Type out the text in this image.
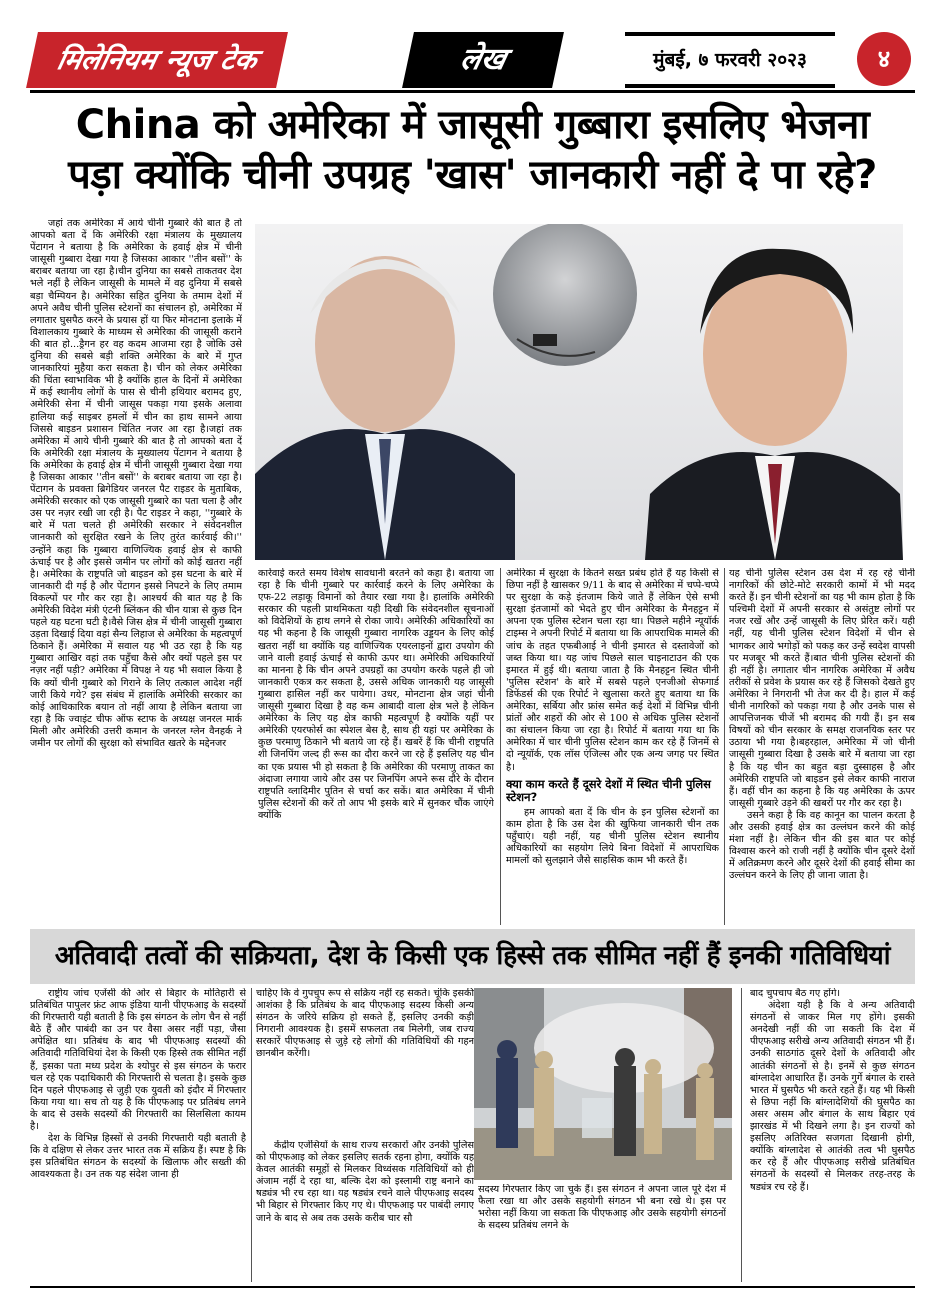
मिलेनियम न्यूज टेक	लेख	मुंबई, ७ फरवरी २०२३	४
China को अमेरिका में जासूसी गुब्बारा इसलिए भेजना
पड़ा क्योंकि चीनी उपग्रह 'खास' जानकारी नहीं दे पा रहे?

जहां तक अमेरिका में आये चीनी गुब्बारे की बात है तो आपको बता दें कि अमेरिकी रक्षा मंत्रालय के मुख्यालय पेंटागन ने बताया है कि अमेरिका के हवाई क्षेत्र में चीनी जासूसी गुब्बारा देखा गया है जिसका आकार ''तीन बसों'' के बराबर बताया जा रहा है।चीन दुनिया का सबसे ताकतवर देश भले नहीं है लेकिन जासूसी के मामले में वह दुनिया में सबसे बड़ा चैम्पियन है। अमेरिका सहित दुनिया के तमाम देशों में अपने अवैध चीनी पुलिस स्टेशनों का संचालन हो, अमेरिका में लगातार घुसपैठ करने के प्रयास हों या फिर मोनटाना इलाके में विशालकाय गुब्बारे के माध्यम से अमेरिका की जासूसी कराने की बात हो...ड्रैगन हर वह कदम आजमा रहा है जोकि उसे दुनिया की सबसे बड़ी शक्ति अमेरिका के बारे में गुप्त जानकारियां मुहैया करा सकता है। चीन को लेकर अमेरिका की चिंता स्वाभाविक भी है क्योंकि हाल के दिनों में अमेरिका में कई स्थानीय लोगों के पास से चीनी हथियार बरामद हुए, अमेरिकी सेना में चीनी जासूस पकड़ा गया इसके अलावा हालिया कई साइबर हमलों में चीन का हाथ सामने आया जिससे बाइडन प्रशासन चिंतित नजर आ रहा है।जहां तक अमेरिका में आये चीनी गुब्बारे की बात है तो आपको बता दें कि अमेरिकी रक्षा मंत्रालय के मुख्यालय पेंटागन ने बताया है कि अमेरिका के हवाई क्षेत्र में चीनी जासूसी गुब्बारा देखा गया है जिसका आकार ''तीन बसों'' के बराबर बताया जा रहा है। पेंटागन के प्रवक्ता ब्रिगेडियर जनरल पैट राइडर के मुताबिक, अमेरिकी सरकार को एक जासूसी गुब्बारे का पता चला है और उस पर नज़र रखी जा रही है। पैट राइडर ने कहा, ''गुब्बारे के बारे में पता चलते ही अमेरिकी सरकार ने संवेदनशील जानकारी को सुरक्षित रखने के लिए तुरंत कार्रवाई की।'' उन्होंने कहा कि गुब्बारा वाणिज्यिक हवाई क्षेत्र से काफी ऊंचाई पर है और इससे जमीन पर लोगों को कोई खतरा नहीं है। अमेरिका के राष्ट्रपति जो बाइडन को इस घटना के बारे में जानकारी दी गई है और पेंटागन इससे निपटने के लिए तमाम विकल्पों पर गौर कर रहा है। आश्चर्य की बात यह है कि अमेरिकी विदेश मंत्री एंटनी ब्लिंकन की चीन यात्रा से कुछ दिन पहले यह घटना घटी है।वैसे जिस क्षेत्र में चीनी जासूसी गुब्बारा उड़ता दिखाई दिया वहां सैन्य लिहाज से अमेरिका के महत्वपूर्ण ठिकाने हैं। अमेरिका में सवाल यह भी उठ रहा है कि यह गुब्बारा आखिर वहां तक पहुँचा कैसे और क्यों पहले इस पर नज़र नहीं पड़ी? अमेरिका में विपक्ष ने यह भी सवाल किया है कि क्यों चीनी गुब्बारे को गिराने के लिए तत्काल आदेश नहीं जारी किये गये? इस संबंध में हालांकि अमेरिकी सरकार का कोई आधिकारिक बयान तो नहीं आया है लेकिन बताया जा रहा है कि ज्वाइंट चीफ ऑफ स्टाफ के अध्यक्ष जनरल मार्क मिली और अमेरिकी उत्तरी कमान के जनरल ग्लेन वैनहर्क ने जमीन पर लोगों की सुरक्षा को संभावित खतरे के मद्देनजर

कार्रवाई करते समय विशेष सावधानी बरतने को कहा है। बताया जा रहा है कि चीनी गुब्बारे पर कार्रवाई करने के लिए अमेरिका के एफ-22 लड़ाकू विमानों को तैयार रखा गया है। हालांकि अमेरिकी सरकार की पहली प्राथमिकता यही दिखी कि संवेदनशील सूचनाओं को विदेशियों के हाथ लगने से रोका जाये। अमेरिकी अधिकारियों का यह भी कहना है कि जासूसी गुब्बारा नागरिक उड्डयन के लिए कोई खतरा नहीं था क्योंकि यह वाणिज्यिक एयरलाइनों द्वारा उपयोग की जाने वाली हवाई ऊंचाई से काफी ऊपर था। अमेरिकी अधिकारियों का मानना है कि चीन अपने उपग्रहों का उपयोग करके पहले ही जो जानकारी एकत्र कर सकता है, उससे अधिक जानकारी यह जासूसी गुब्बारा हासिल नहीं कर पायेगा। उधर, मोनटाना क्षेत्र जहां चीनी जासूसी गुब्बारा दिखा है वह कम आबादी वाला क्षेत्र भले है लेकिन अमेरिका के लिए यह क्षेत्र काफी महत्वपूर्ण है क्योंकि यहीं पर अमेरिकी एयरफोर्स का स्पेशल बेस है, साथ ही यहां पर अमेरिका के कुछ परमाणु ठिकाने भी बताये जा रहे हैं। खबरें हैं कि चीनी राष्ट्रपति शी जिनपिंग जल्द ही रूस का दौरा करने जा रहे हैं इसलिए यह चीन का एक प्रयास भी हो सकता है कि अमेरिका की परमाणु ताकत का अंदाजा लगाया जाये और उस पर जिनपिंग अपने रूस दौरे के दौरान राष्ट्रपति व्लादिमीर पुतिन से चर्चा कर सकें। बात अमेरिका में चीनी पुलिस स्टेशनों की करें तो आप भी इसके बारे में सुनकर चौंक जाएंगे क्योंकि

अमेरिका में सुरक्षा के कितने सख्त प्रबंध होते हैं यह किसी से छिपा नहीं है खासकर 9/11 के बाद से अमेरिका में चप्पे-चप्पे पर सुरक्षा के कड़े इंतजाम किये जाते हैं लेकिन ऐसे सभी सुरक्षा इंतजामों को भेदते हुए चीन अमेरिका के मैनहट्टन में अपना एक पुलिस स्टेशन चला रहा था। पिछले महीने न्यूयॉर्क टाइम्स ने अपनी रिपोर्ट में बताया था कि आपराधिक मामले की जांच के तहत एफबीआई ने चीनी इमारत से दस्तावेजों को जब्त किया था। यह जांच पिछले साल चाइनाटाउन की एक इमारत में हुई थी। बताया जाता है कि मैनहट्टन स्थित चीनी 'पुलिस स्टेशन' के बारे में सबसे पहले एनजीओ सेफगार्ड डिफेंडर्स की एक रिपोर्ट ने खुलासा करते हुए बताया था कि अमेरिका, सर्बिया और फ्रांस समेत कई देशों में विभिन्न चीनी प्रांतों और शहरों की ओर से 100 से अधिक पुलिस स्टेशनों का संचालन किया जा रहा है। रिपोर्ट में बताया गया था कि अमेरिका में चार चीनी पुलिस स्टेशन काम कर रहे हैं जिनमें से दो न्यूयॉर्क, एक लॉस एंजिल्स और एक अन्य जगह पर स्थित है।

क्या काम करते हैं दूसरे देशों में स्थित चीनी पुलिस स्टेशन?

हम आपको बता दें कि चीन के इन पुलिस स्टेशनों का काम होता है कि उस देश की खुफिया जानकारी चीन तक पहुँचाएं। यही नहीं, यह चीनी पुलिस स्टेशन स्थानीय अधिकारियों का सहयोग लिये बिना विदेशों में आपराधिक मामलों को सुलझाने जैसे साहसिक काम भी करते हैं।

यह चीनी पुलिस स्टेशन उस देश में रह रहे चीनी नागरिकों की छोटे-मोटे सरकारी कामों में भी मदद करते हैं। इन चीनी स्टेशनों का यह भी काम होता है कि पश्चिमी देशों में अपनी सरकार से असंतुष्ट लोगों पर नजर रखें और उन्हें जासूसी के लिए प्रेरित करें। यही नहीं, यह चीनी पुलिस स्टेशन विदेशों में चीन से भागकर आये भगोड़ों को पकड़ कर उन्हें स्वदेश वापसी पर मजबूर भी करते हैं।बात चीनी पुलिस स्टेशनों की ही नहीं है। लगातार चीन नागरिक अमेरिका में अवैध तरीकों से प्रवेश के प्रयास कर रहे हैं जिसको देखते हुए अमेरिका ने निगरानी भी तेज कर दी है। हाल में कई चीनी नागरिकों को पकड़ा गया है और उनके पास से आपत्तिजनक चीजें भी बरामद की गयी हैं। इन सब विषयों को चीन सरकार के समक्ष राजनयिक स्तर पर उठाया भी गया है।बहरहाल, अमेरिका में जो चीनी जासूसी गुब्बारा दिखा है उसके बारे में बताया जा रहा है कि यह चीन का बहुत बड़ा दुस्साहस है और अमेरिकी राष्ट्रपति जो बाइडन इसे लेकर काफी नाराज हैं। वहीं चीन का कहना है कि यह अमेरिका के ऊपर जासूसी गुब्बारे उड़ने की खबरों पर गौर कर रहा है।

उसने कहा है कि वह कानून का पालन करता है और उसकी हवाई क्षेत्र का उल्लंघन करने की कोई मंशा नहीं है। लेकिन चीन की इस बात पर कोई विश्वास करने को राजी नहीं है क्योंकि चीन दूसरे देशों में अतिक्रमण करने और दूसरे देशों की हवाई सीमा का उल्लंघन करने के लिए ही जाना जाता है।

अतिवादी तत्वों की सक्रियता, देश के किसी एक हिस्से तक सीमित नहीं हैं इनकी गतिविधियां

राष्ट्रीय जांच एजेंसी की ओर से बिहार के मोतिहारी से प्रतिबंधित पापुलर फ्रंट आफ इंडिया यानी पीएफआइ के सदस्यों की गिरफ्तारी यही बताती है कि इस संगठन के लोग चैन से नहीं बैठे हैं और पाबंदी का उन पर वैसा असर नहीं पड़ा, जैसा अपेक्षित था। प्रतिबंध के बाद भी पीएफआइ सदस्यों की अतिवादी गतिविधियां देश के किसी एक हिस्से तक सीमित नहीं हैं, इसका पता मध्य प्रदेश के श्योपुर से इस संगठन के फरार चल रहे एक पदाधिकारी की गिरफ्तारी से चलता है। इसके कुछ दिन पहले पीएफआइ से जुड़ी एक युवती को इंदौर में गिरफ्तार किया गया था। सच तो यह है कि पीएफआइ पर प्रतिबंध लगने के बाद से उसके सदस्यों की गिरफ्तारी का सिलसिला कायम है।

देश के विभिन्न हिस्सों से उनकी गिरफ्तारी यही बताती है कि वे दक्षिण से लेकर उत्तर भारत तक में सक्रिय हैं। स्पष्ट है कि इस प्रतिबंधित संगठन के सदस्यों के खिलाफ और सख्ती की आवश्यकता है। उन तक यह संदेश जाना ही

चाहिए कि वे गुपचुप रूप से सक्रिय नहीं रह सकते। चूंकि इसकी आशंका है कि प्रतिबंध के बाद पीएफआइ सदस्य किसी अन्य संगठन के जरिये सक्रिय हो सकते हैं, इसलिए उनकी कड़ी निगरानी आवश्यक है। इसमें सफलता तब मिलेगी, जब राज्य सरकारें पीएफआइ से जुड़े रहे लोगों की गतिविधियों की गहन छानबीन करेंगी।

केंद्रीय एजेंसियों के साथ राज्य सरकारों और उनकी पुलिस को पीएफआइ को लेकर इसलिए सतर्क रहना होगा, क्योंकि यह केवल आतंकी समूहों से मिलकर विध्वंसक गतिविधियों को ही अंजाम नहीं दे रहा था, बल्कि देश को इस्लामी राष्ट्र बनाने का षड्यंत्र भी रच रहा था। यह षड्यंत्र रचने वाले पीएफआइ सदस्य भी बिहार से गिरफ्तार किए गए थे। पीएफआइ पर पाबंदी लगाए जाने के बाद से अब तक उसके करीब चार सौ

सदस्य गिरफ्तार किए जा चुके हैं। इस संगठन ने अपना जाल पूरे देश में फैला रखा था और उसके सहयोगी संगठन भी बना रखे थे। इस पर भरोसा नहीं किया जा सकता कि पीएफआइ और उसके सहयोगी संगठनों के सदस्य प्रतिबंध लगने के

बाद चुपचाप बैठ गए होंगे।

अंदेशा यही है कि वे अन्य अतिवादी संगठनों से जाकर मिल गए होंगे। इसकी अनदेखी नहीं की जा सकती कि देश में पीएफआइ सरीखे अन्य अतिवादी संगठन भी हैं। उनकी साठगांठ दूसरे देशों के अतिवादी और आतंकी संगठनों से है। इनमें से कुछ संगठन बांग्लादेश आधारित हैं। उनके गुर्गे बंगाल के रास्ते भारत में घुसपैठ भी करते रहते हैं। यह भी किसी से छिपा नहीं कि बांग्लादेशियों की घुसपैठ का असर असम और बंगाल के साथ बिहार एवं झारखंड में भी दिखने लगा है। इन राज्यों को इसलिए अतिरिक्त सजगता दिखानी होगी, क्योंकि बांग्लादेश से आतंकी तत्व भी घुसपैठ कर रहे हैं और पीएफआइ सरीखे प्रतिबंधित संगठनों के सदस्यों से मिलकर तरह-तरह के षड्यंत्र रच रहे हैं।
